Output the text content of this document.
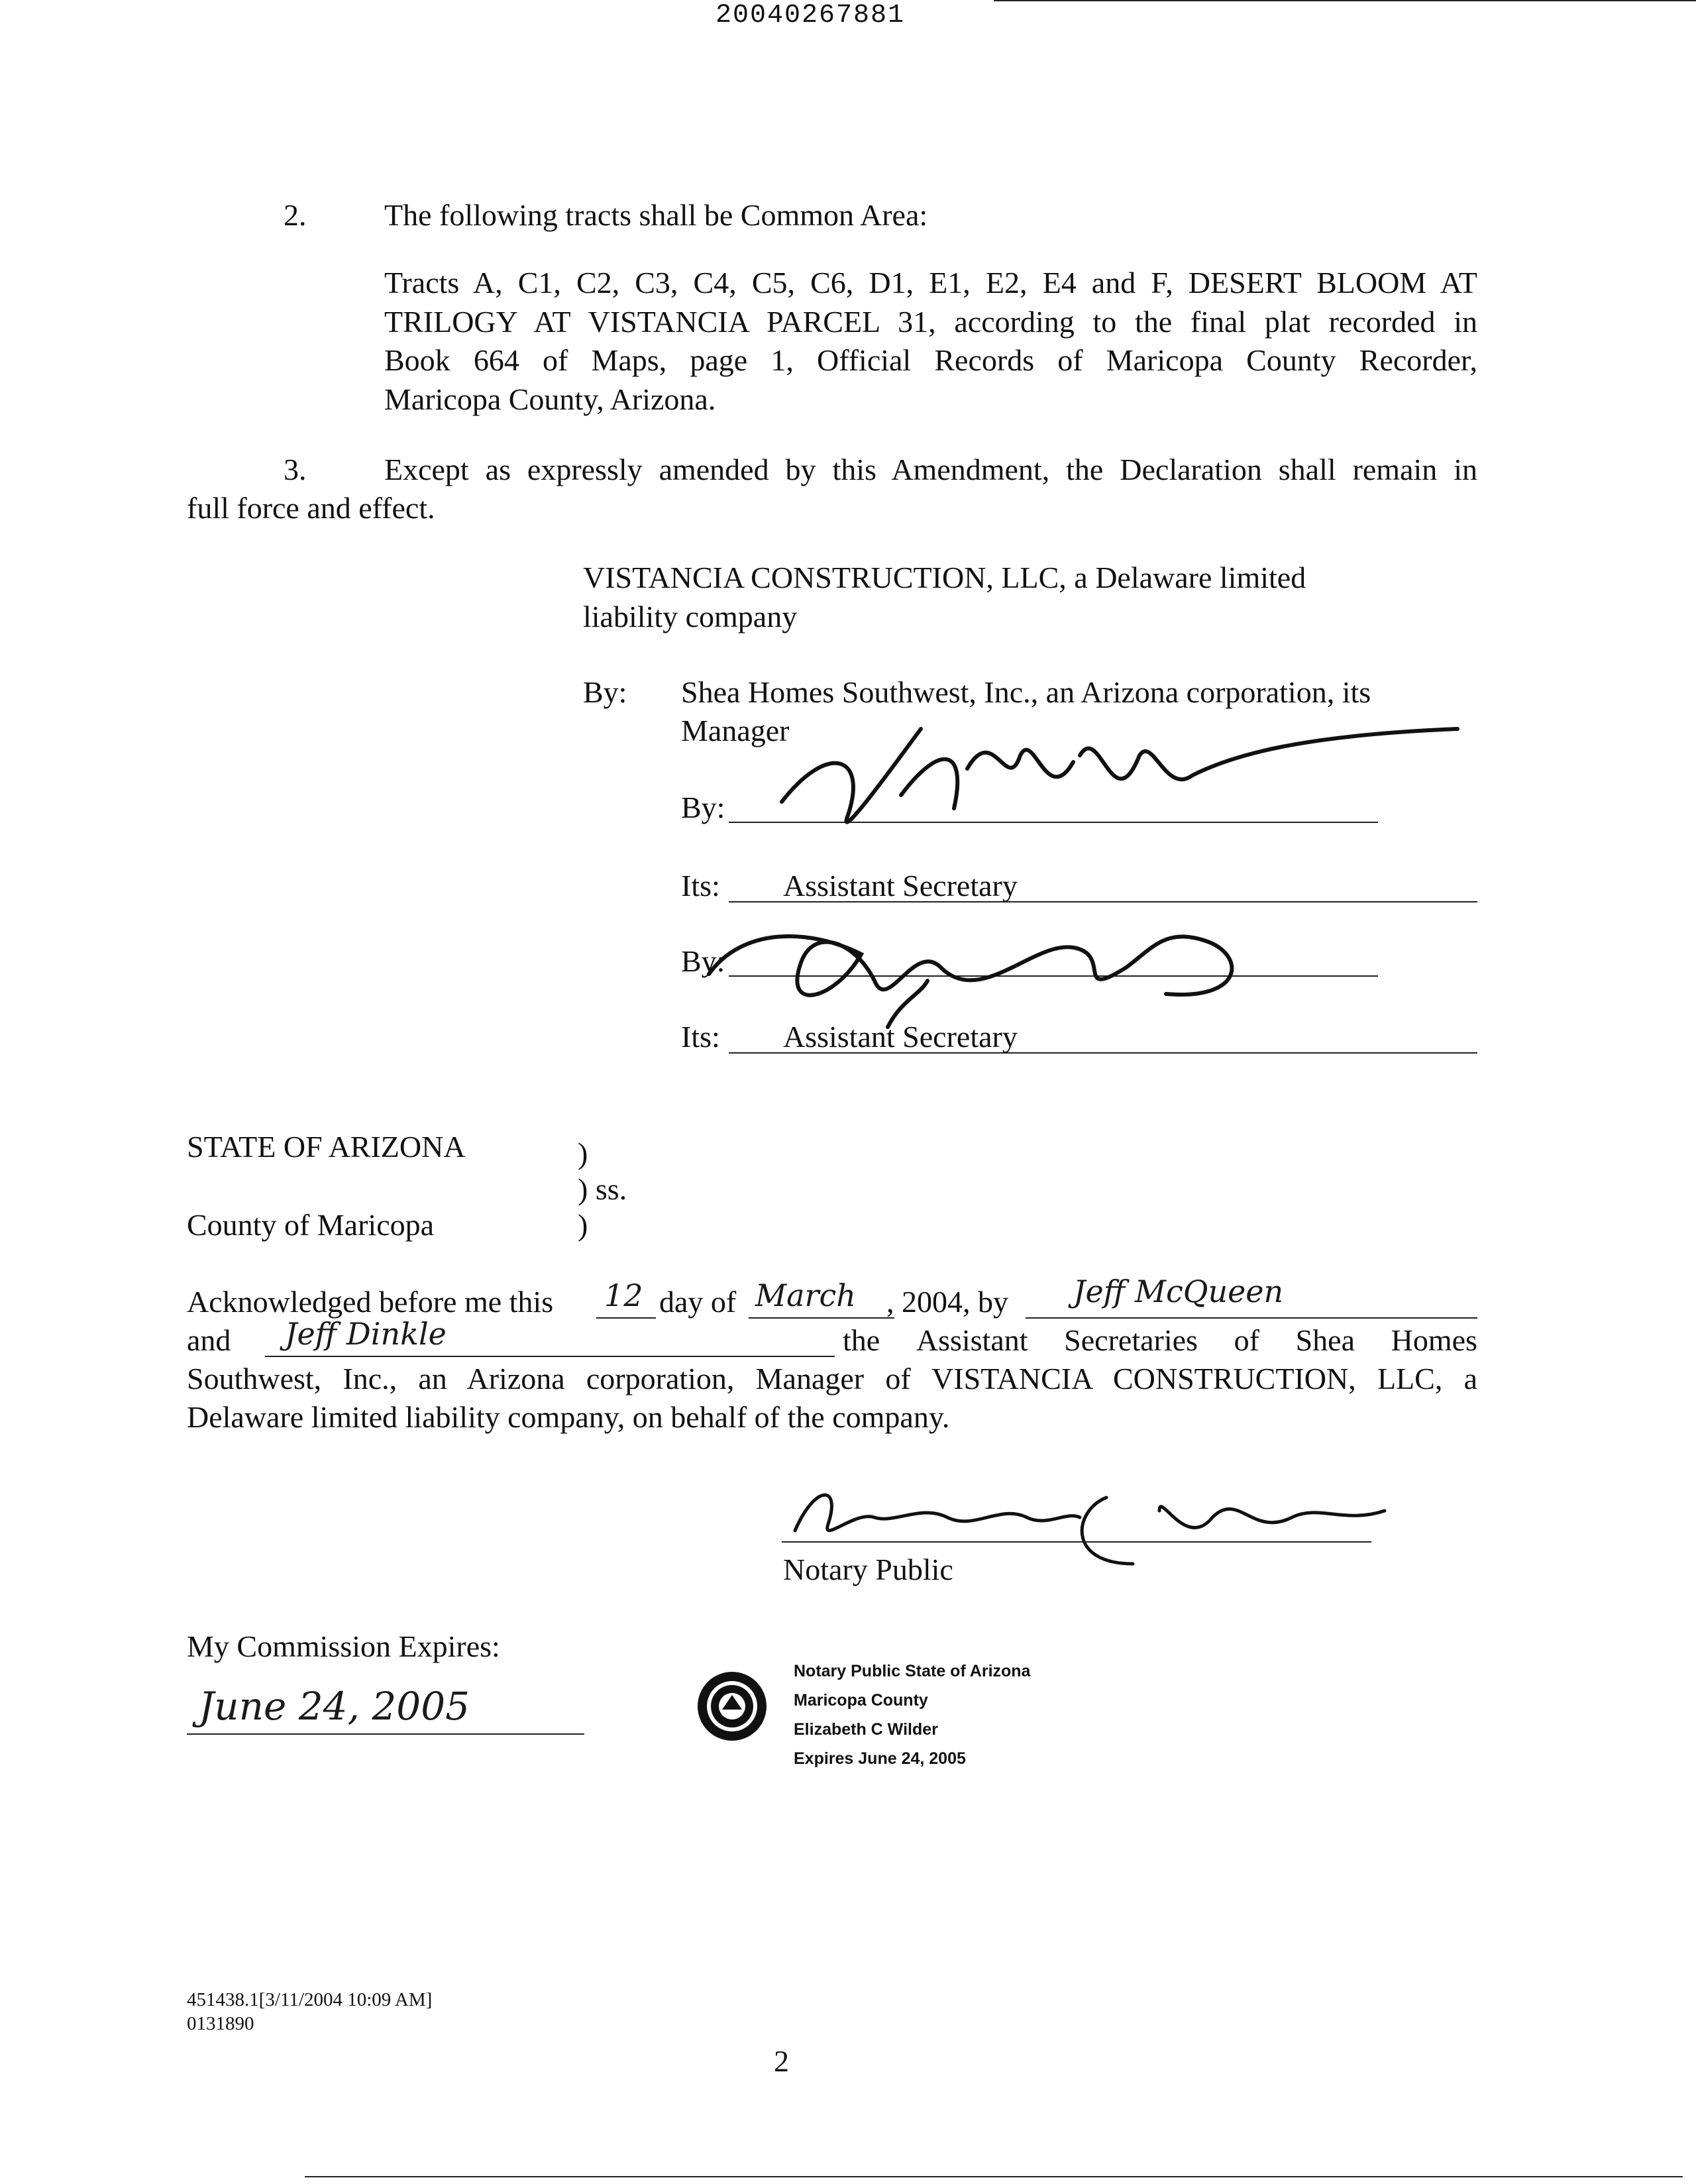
20040267881
2.	The following tracts shall be Common Area:
Tracts A, C1, C2, C3, C4, C5, C6, D1, E1, E2, E4 and F, DESERT BLOOM AT
TRILOGY AT VISTANCIA PARCEL 31, according to the final plat recorded in
Book 664 of Maps, page 1, Official Records of Maricopa County Recorder,
Maricopa County, Arizona.
3.	Except as expressly amended by this Amendment, the Declaration shall remain in
full force and effect.
VISTANCIA CONSTRUCTION, LLC, a Delaware limited
liability company
By: Shea Homes Southwest, Inc., an Arizona corporation, its
Manager
By:
Its: Assistant Secretary
By:
Its: Assistant Secretary
STATE OF ARIZONA	)
) ss.
)
County of Maricopa
Acknowledged before me this 12 day of March , 2004, by Jeff McQueen
and Jeff Dinkle	the Assistant Secretaries of Shea Homes
Southwest, Inc., an Arizona corporation, Manager of VISTANCIA CONSTRUCTION, LLC, a
Delaware limited liability company, on behalf of the company.
Notary Public
My Commission Expires:
June 24, 2005
Notary Public State of Arizona
Maricopa County
Elizabeth C Wilder
Expires June 24, 2005
451438.1[3/11/2004 10:09 AM]
0131890
2
